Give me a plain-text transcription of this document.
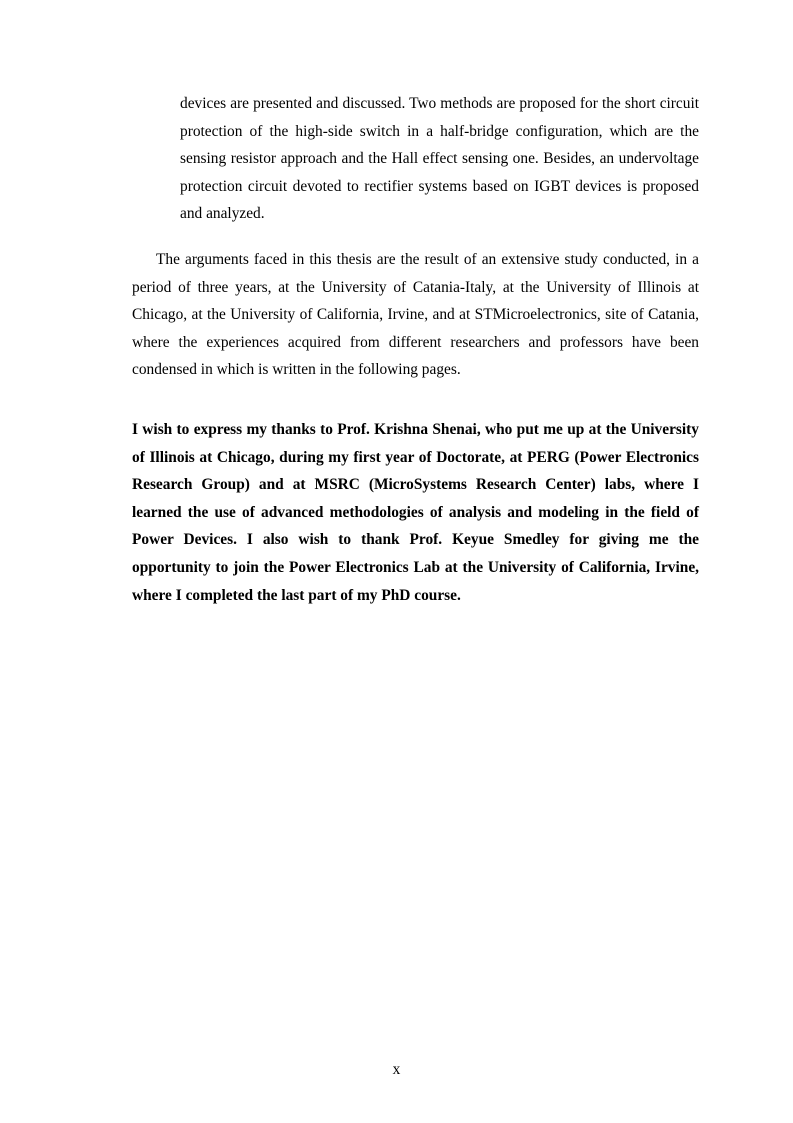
devices are presented and discussed. Two methods are proposed for the short circuit protection of the high-side switch in a half-bridge configuration, which are the sensing resistor approach and the Hall effect sensing one. Besides, an undervoltage protection circuit devoted to rectifier systems based on IGBT devices is proposed and analyzed.

The arguments faced in this thesis are the result of an extensive study conducted, in a period of three years, at the University of Catania-Italy, at the University of Illinois at Chicago, at the University of California, Irvine, and at STMicroelectronics, site of Catania, where the experiences acquired from different researchers and professors have been condensed in which is written in the following pages.

I wish to express my thanks to Prof. Krishna Shenai, who put me up at the University of Illinois at Chicago, during my first year of Doctorate, at PERG (Power Electronics Research Group) and at MSRC (MicroSystems Research Center) labs, where I learned the use of advanced methodologies of analysis and modeling in the field of Power Devices. I also wish to thank Prof. Keyue Smedley for giving me the opportunity to join the Power Electronics Lab at the University of California, Irvine, where I completed the last part of my PhD course.

x
